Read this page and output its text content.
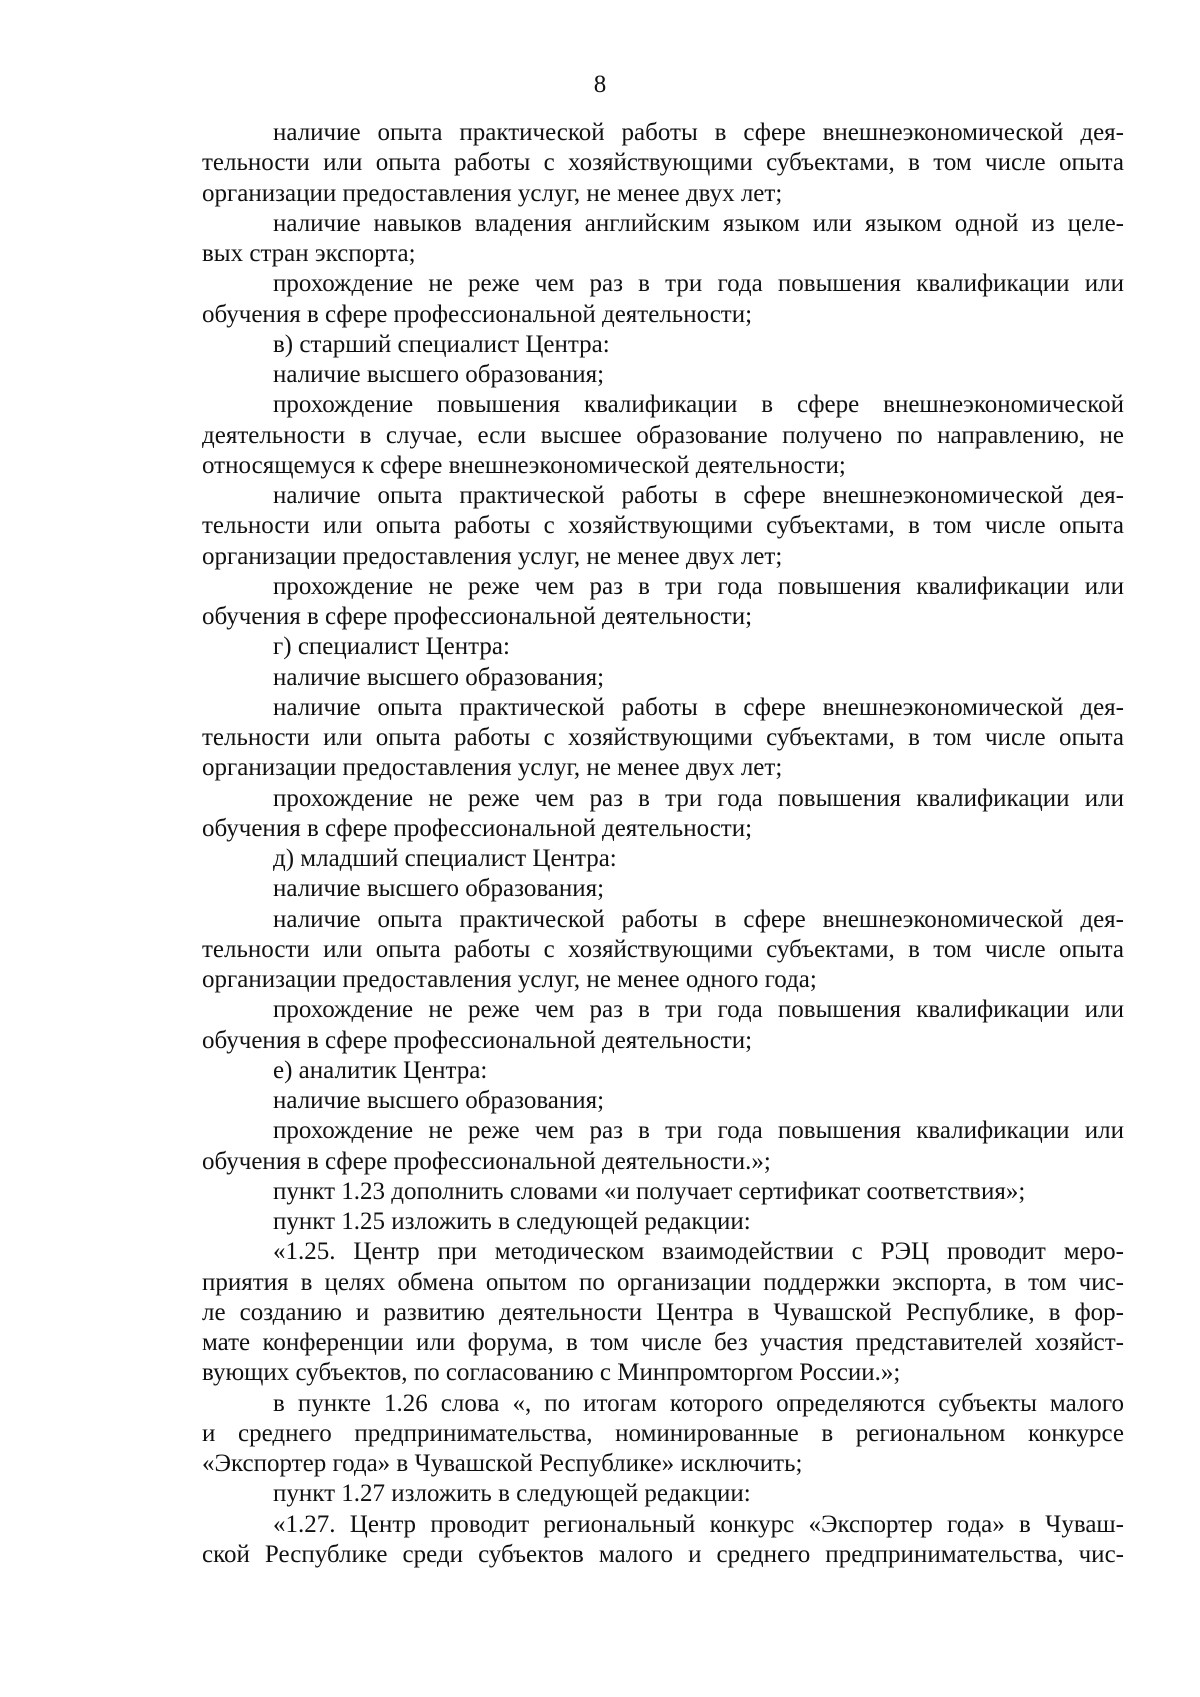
8
наличие опыта практической работы в сфере внешнеэкономической дея-
тельности или опыта работы с хозяйствующими субъектами, в том числе опыта
организации предоставления услуг, не менее двух лет;
наличие навыков владения английским языком или языком одной из целе-
вых стран экспорта;
прохождение не реже чем раз в три года повышения квалификации или
обучения в сфере профессиональной деятельности;
в) старший специалист Центра:
наличие высшего образования;
прохождение повышения квалификации в сфере внешнеэкономической
деятельности в случае, если высшее образование получено по направлению, не
относящемуся к сфере внешнеэкономической деятельности;
наличие опыта практической работы в сфере внешнеэкономической дея-
тельности или опыта работы с хозяйствующими субъектами, в том числе опыта
организации предоставления услуг, не менее двух лет;
прохождение не реже чем раз в три года повышения квалификации или
обучения в сфере профессиональной деятельности;
г) специалист Центра:
наличие высшего образования;
наличие опыта практической работы в сфере внешнеэкономической дея-
тельности или опыта работы с хозяйствующими субъектами, в том числе опыта
организации предоставления услуг, не менее двух лет;
прохождение не реже чем раз в три года повышения квалификации или
обучения в сфере профессиональной деятельности;
д) младший специалист Центра:
наличие высшего образования;
наличие опыта практической работы в сфере внешнеэкономической дея-
тельности или опыта работы с хозяйствующими субъектами, в том числе опыта
организации предоставления услуг, не менее одного года;
прохождение не реже чем раз в три года повышения квалификации или
обучения в сфере профессиональной деятельности;
е) аналитик Центра:
наличие высшего образования;
прохождение не реже чем раз в три года повышения квалификации или
обучения в сфере профессиональной деятельности.»;
пункт 1.23 дополнить словами «и получает сертификат соответствия»;
пункт 1.25 изложить в следующей редакции:
«1.25. Центр при методическом взаимодействии с РЭЦ проводит меро-
приятия в целях обмена опытом по организации поддержки экспорта, в том чис-
ле созданию и развитию деятельности Центра в Чувашской Республике, в фор-
мате конференции или форума, в том числе без участия представителей хозяйст-
вующих субъектов, по согласованию с Минпромторгом России.»;
в пункте 1.26 слова «, по итогам которого определяются субъекты малого
и среднего предпринимательства, номинированные в региональном конкурсе
«Экспортер года» в Чувашской Республике» исключить;
пункт 1.27 изложить в следующей редакции:
«1.27. Центр проводит региональный конкурс «Экспортер года» в Чуваш-
ской Республике среди субъектов малого и среднего предпринимательства, чис-
